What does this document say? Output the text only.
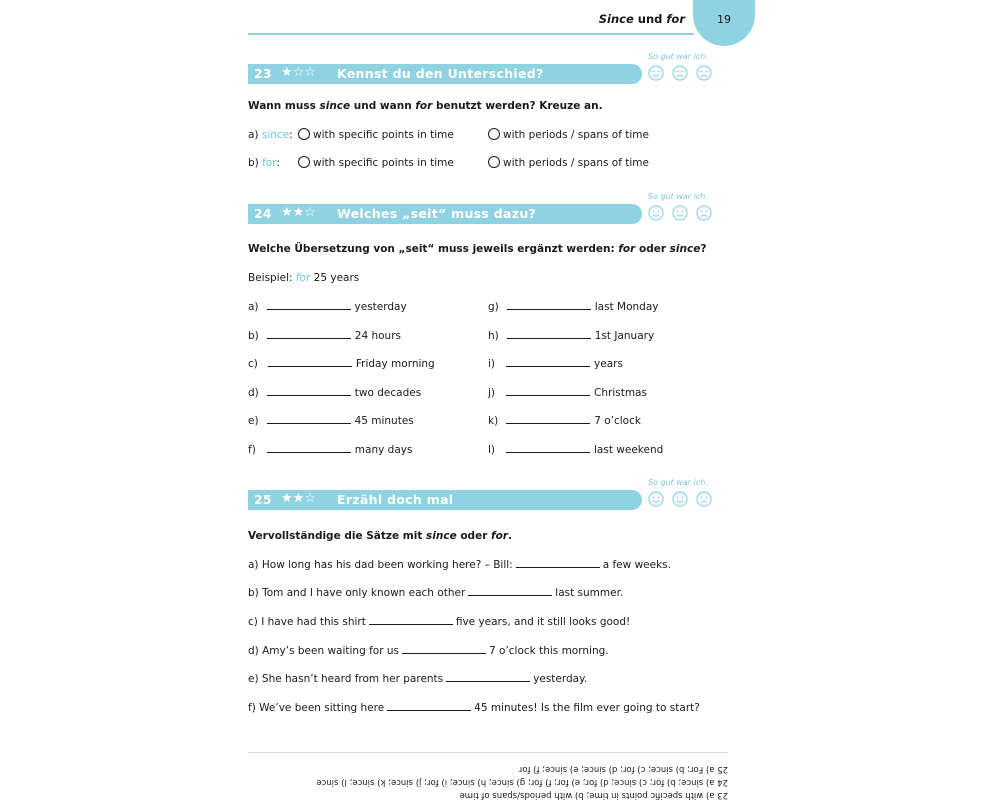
Since und for	19
So gut war ich.
23 ★☆☆ Kennst du den Unterschied?
Wann muss since und wann for benutzt werden? Kreuze an.
a) since:	with specific points in time	with periods / spans of time
b) for:	with specific points in time	with periods / spans of time
So gut war ich.
24 ★★☆ Welches „seit“ muss dazu?
Welche Übersetzung von „seit“ muss jeweils ergänzt werden: for oder since?
Beispiel: for 25 years
a)	yesterday
b)	24 hours
c)	Friday morning
d)	two decades
e)	45 minutes
f)	many days
g)	last Monday
h)	1st January
i)	years
j)	Christmas
k)	7 o’clock
l)	last weekend
So gut war ich.
25 ★★☆ Erzähl doch mal
Vervollständige die Sätze mit since oder for.
a) How long has his dad been working here? – Bill:	a few weeks.
b) Tom and I have only known each other	last summer.
c) I have had this shirt	five years, and it still looks good!
d) Amy’s been waiting for us	7 o’clock this morning.
e) She hasn’t heard from her parents	yesterday.
f) We’ve been sitting here	45 minutes! Is the film ever going to start?
23 a) with specific points in time; b) with periods/spans of time
24 a) since; b) for; c) since; d) for; e) for; f) for; g) since; h) since; i) for; j) since; k) since; l) since
25 a) For; b) since; c) for; d) since; e) since; f) for
